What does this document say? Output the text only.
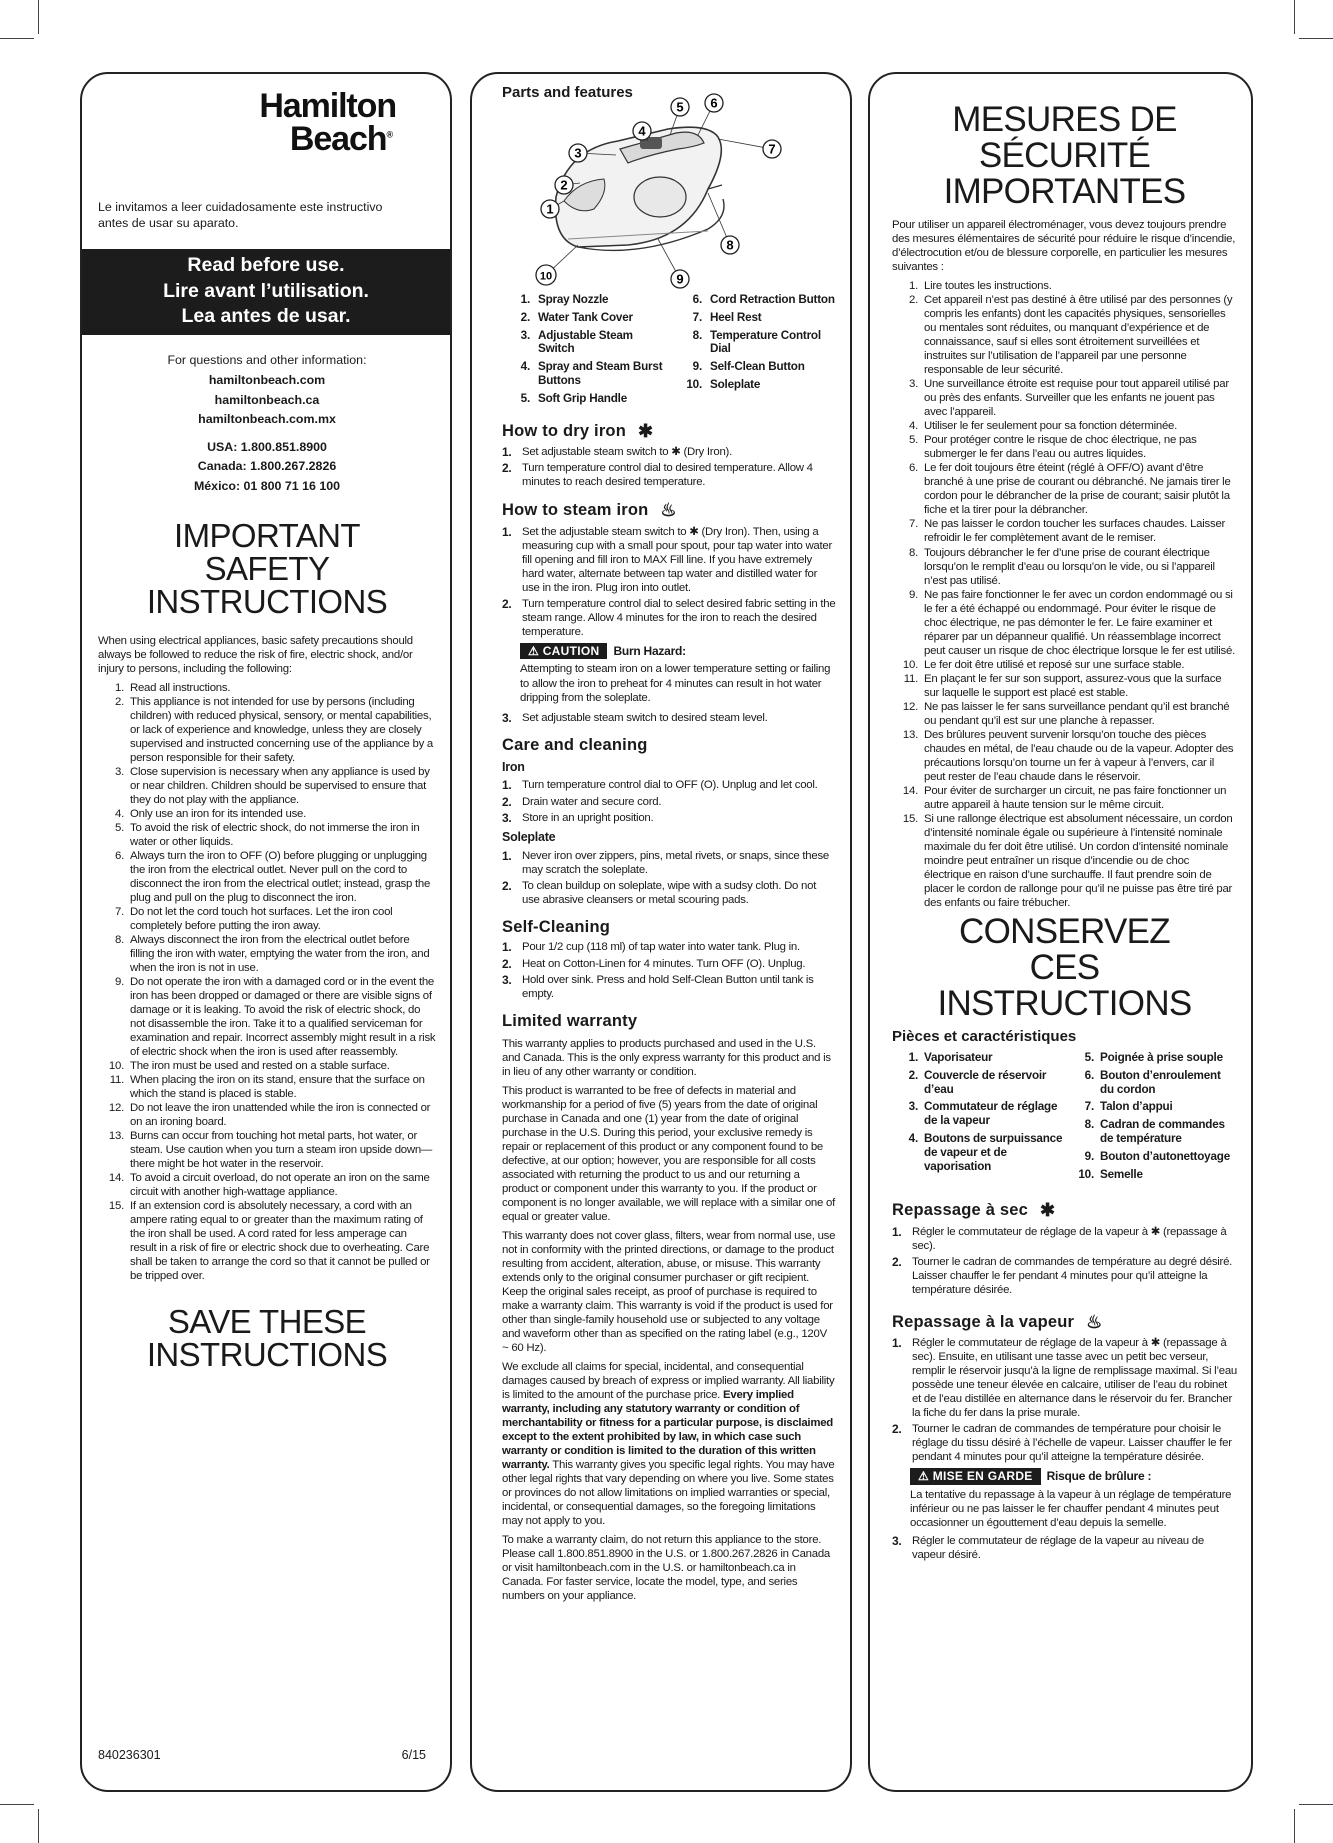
Hamilton
Beach®
Le invitamos a leer cuidadosamente este instructivo antes de usar su aparato.
Read before use.
Lire avant l’utilisation.
Lea antes de usar.
For questions and other information:
hamiltonbeach.com
hamiltonbeach.ca
hamiltonbeach.com.mx
USA: 1.800.851.8900
Canada: 1.800.267.2826
México: 01 800 71 16 100
IMPORTANT SAFETY INSTRUCTIONS
When using electrical appliances, basic safety precautions should always be followed to reduce the risk of fire, electric shock, and/or injury to persons, including the following:
1. Read all instructions.
2. This appliance is not intended for use by persons (including children) with reduced physical, sensory, or mental capabilities, or lack of experience and knowledge, unless they are closely supervised and instructed concerning use of the appliance by a person responsible for their safety.
3. Close supervision is necessary when any appliance is used by or near children. Children should be supervised to ensure that they do not play with the appliance.
4. Only use an iron for its intended use.
5. To avoid the risk of electric shock, do not immerse the iron in water or other liquids.
6. Always turn the iron to OFF (O) before plugging or unplugging the iron from the electrical outlet. Never pull on the cord to disconnect the iron from the electrical outlet; instead, grasp the plug and pull on the plug to disconnect the iron.
7. Do not let the cord touch hot surfaces. Let the iron cool completely before putting the iron away.
8. Always disconnect the iron from the electrical outlet before filling the iron with water, emptying the water from the iron, and when the iron is not in use.
9. Do not operate the iron with a damaged cord or in the event the iron has been dropped or damaged or there are visible signs of damage or it is leaking. To avoid the risk of electric shock, do not disassemble the iron. Take it to a qualified serviceman for examination and repair. Incorrect assembly might result in a risk of electric shock when the iron is used after reassembly.
10. The iron must be used and rested on a stable surface.
11. When placing the iron on its stand, ensure that the surface on which the stand is placed is stable.
12. Do not leave the iron unattended while the iron is connected or on an ironing board.
13. Burns can occur from touching hot metal parts, hot water, or steam. Use caution when you turn a steam iron upside down—there might be hot water in the reservoir.
14. To avoid a circuit overload, do not operate an iron on the same circuit with another high-wattage appliance.
15. If an extension cord is absolutely necessary, a cord with an ampere rating equal to or greater than the maximum rating of the iron shall be used. A cord rated for less amperage can result in a risk of fire or electric shock due to overheating. Care shall be taken to arrange the cord so that it cannot be pulled or be tripped over.
SAVE THESE INSTRUCTIONS
840236301	6/15
Parts and features
1
2
3
4
5 6
7
8
9
10
1. Spray Nozzle
2. Water Tank Cover
3. Adjustable Steam Switch
4. Spray and Steam Burst Buttons
5. Soft Grip Handle
6. Cord Retraction Button
7. Heel Rest
8. Temperature Control Dial
9. Self-Clean Button
10. Soleplate
How to dry iron ✱
1. Set adjustable steam switch to ✱ (Dry Iron).
2. Turn temperature control dial to desired temperature. Allow 4 minutes to reach desired temperature.
How to steam iron ♨
1. Set the adjustable steam switch to ✱ (Dry Iron). Then, using a measuring cup with a small pour spout, pour tap water into water fill opening and fill iron to MAX Fill line. If you have extremely hard water, alternate between tap water and distilled water for use in the iron. Plug iron into outlet.
2. Turn temperature control dial to select desired fabric setting in the steam range. Allow 4 minutes for the iron to reach the desired temperature.
⚠ CAUTION	Burn Hazard:
Attempting to steam iron on a lower temperature setting or failing to allow the iron to preheat for 4 minutes can result in hot water dripping from the soleplate.
3. Set adjustable steam switch to desired steam level.
Care and cleaning
Iron
1. Turn temperature control dial to OFF (O). Unplug and let cool.
2. Drain water and secure cord.
3. Store in an upright position.
Soleplate
1. Never iron over zippers, pins, metal rivets, or snaps, since these may scratch the soleplate.
2. To clean buildup on soleplate, wipe with a sudsy cloth. Do not use abrasive cleansers or metal scouring pads.
Self-Cleaning
1. Pour 1/2 cup (118 ml) of tap water into water tank. Plug in.
2. Heat on Cotton-Linen for 4 minutes. Turn OFF (O). Unplug.
3. Hold over sink. Press and hold Self-Clean Button until tank is empty.
Limited warranty
This warranty applies to products purchased and used in the U.S. and Canada. This is the only express warranty for this product and is in lieu of any other warranty or condition.
This product is warranted to be free of defects in material and workmanship for a period of five (5) years from the date of original purchase in Canada and one (1) year from the date of original purchase in the U.S. During this period, your exclusive remedy is repair or replacement of this product or any component found to be defective, at our option; however, you are responsible for all costs associated with returning the product to us and our returning a product or component under this warranty to you. If the product or component is no longer available, we will replace with a similar one of equal or greater value.
This warranty does not cover glass, filters, wear from normal use, use not in conformity with the printed directions, or damage to the product resulting from accident, alteration, abuse, or misuse. This warranty extends only to the original consumer purchaser or gift recipient. Keep the original sales receipt, as proof of purchase is required to make a warranty claim. This warranty is void if the product is used for other than single-family household use or subjected to any voltage and waveform other than as specified on the rating label (e.g., 120V ~ 60 Hz).
We exclude all claims for special, incidental, and consequential damages caused by breach of express or implied warranty. All liability is limited to the amount of the purchase price. Every implied warranty, including any statutory warranty or condition of merchantability or fitness for a particular purpose, is disclaimed except to the extent prohibited by law, in which case such warranty or condition is limited to the duration of this written warranty. This warranty gives you specific legal rights. You may have other legal rights that vary depending on where you live. Some states or provinces do not allow limitations on implied warranties or special, incidental, or consequential damages, so the foregoing limitations may not apply to you.
To make a warranty claim, do not return this appliance to the store. Please call 1.800.851.8900 in the U.S. or 1.800.267.2826 in Canada or visit hamiltonbeach.com in the U.S. or hamiltonbeach.ca in Canada. For faster service, locate the model, type, and series numbers on your appliance.
MESURES DE SÉCURITÉ IMPORTANTES
Pour utiliser un appareil électroménager, vous devez toujours prendre des mesures élémentaires de sécurité pour réduire le risque d’incendie, d’électrocution et/ou de blessure corporelle, en particulier les mesures suivantes :
1. Lire toutes les instructions.
2. Cet appareil n’est pas destiné à être utilisé par des personnes (y compris les enfants) dont les capacités physiques, sensorielles ou mentales sont réduites, ou manquant d’expérience et de connaissance, sauf si elles sont étroitement surveillées et instruites sur l’utilisation de l’appareil par une personne responsable de leur sécurité.
3. Une surveillance étroite est requise pour tout appareil utilisé par ou près des enfants. Surveiller que les enfants ne jouent pas avec l’appareil.
4. Utiliser le fer seulement pour sa fonction déterminée.
5. Pour protéger contre le risque de choc électrique, ne pas submerger le fer dans l’eau ou autres liquides.
6. Le fer doit toujours être éteint (réglé à OFF/O) avant d’être branché à une prise de courant ou débranché. Ne jamais tirer le cordon pour le débrancher de la prise de courant; saisir plutôt la fiche et la tirer pour la débrancher.
7. Ne pas laisser le cordon toucher les surfaces chaudes. Laisser refroidir le fer complètement avant de le remiser.
8. Toujours débrancher le fer d’une prise de courant électrique lorsqu’on le remplit d’eau ou lorsqu’on le vide, ou si l’appareil n’est pas utilisé.
9. Ne pas faire fonctionner le fer avec un cordon endommagé ou si le fer a été échappé ou endommagé. Pour éviter le risque de choc électrique, ne pas démonter le fer. Le faire examiner et réparer par un dépanneur qualifié. Un réassemblage incorrect peut causer un risque de choc électrique lorsque le fer est utilisé.
10. Le fer doit être utilisé et reposé sur une surface stable.
11. En plaçant le fer sur son support, assurez-vous que la surface sur laquelle le support est placé est stable.
12. Ne pas laisser le fer sans surveillance pendant qu’il est branché ou pendant qu’il est sur une planche à repasser.
13. Des brûlures peuvent survenir lorsqu’on touche des pièces chaudes en métal, de l’eau chaude ou de la vapeur. Adopter des précautions lorsqu’on tourne un fer à vapeur à l’envers, car il peut rester de l’eau chaude dans le réservoir.
14. Pour éviter de surcharger un circuit, ne pas faire fonctionner un autre appareil à haute tension sur le même circuit.
15. Si une rallonge électrique est absolument nécessaire, un cordon d’intensité nominale égale ou supérieure à l’intensité nominale maximale du fer doit être utilisé. Un cordon d’intensité nominale moindre peut entraîner un risque d’incendie ou de choc électrique en raison d’une surchauffe. Il faut prendre soin de placer le cordon de rallonge pour qu’il ne puisse pas être tiré par des enfants ou faire trébucher.
CONSERVEZ CES INSTRUCTIONS
Pièces et caractéristiques
1. Vaporisateur
2. Couvercle de réservoir d’eau
3. Commutateur de réglage de la vapeur
4. Boutons de surpuissance de vapeur et de vaporisation
5. Poignée à prise souple
6. Bouton d’enroulement du cordon
7. Talon d’appui
8. Cadran de commandes de température
9. Bouton d’autonettoyage
10. Semelle
Repassage à sec ✱
1. Régler le commutateur de réglage de la vapeur à ✱ (repassage à sec).
2. Tourner le cadran de commandes de température au degré désiré. Laisser chauffer le fer pendant 4 minutes pour qu’il atteigne la température désirée.
Repassage à la vapeur ♨
1. Régler le commutateur de réglage de la vapeur à ✱ (repassage à sec). Ensuite, en utilisant une tasse avec un petit bec verseur, remplir le réservoir jusqu’à la ligne de remplissage maximal. Si l’eau possède une teneur élevée en calcaire, utiliser de l’eau du robinet et de l’eau distillée en alternance dans le réservoir du fer. Brancher la fiche du fer dans la prise murale.
2. Tourner le cadran de commandes de température pour choisir le réglage du tissu désiré à l’échelle de vapeur. Laisser chauffer le fer pendant 4 minutes pour qu’il atteigne la température désirée.
⚠ MISE EN GARDE	Risque de brûlure :
La tentative du repassage à la vapeur à un réglage de température inférieur ou ne pas laisser le fer chauffer pendant 4 minutes peut occasionner un égouttement d’eau depuis la semelle.
3. Régler le commutateur de réglage de la vapeur au niveau de vapeur désiré.
